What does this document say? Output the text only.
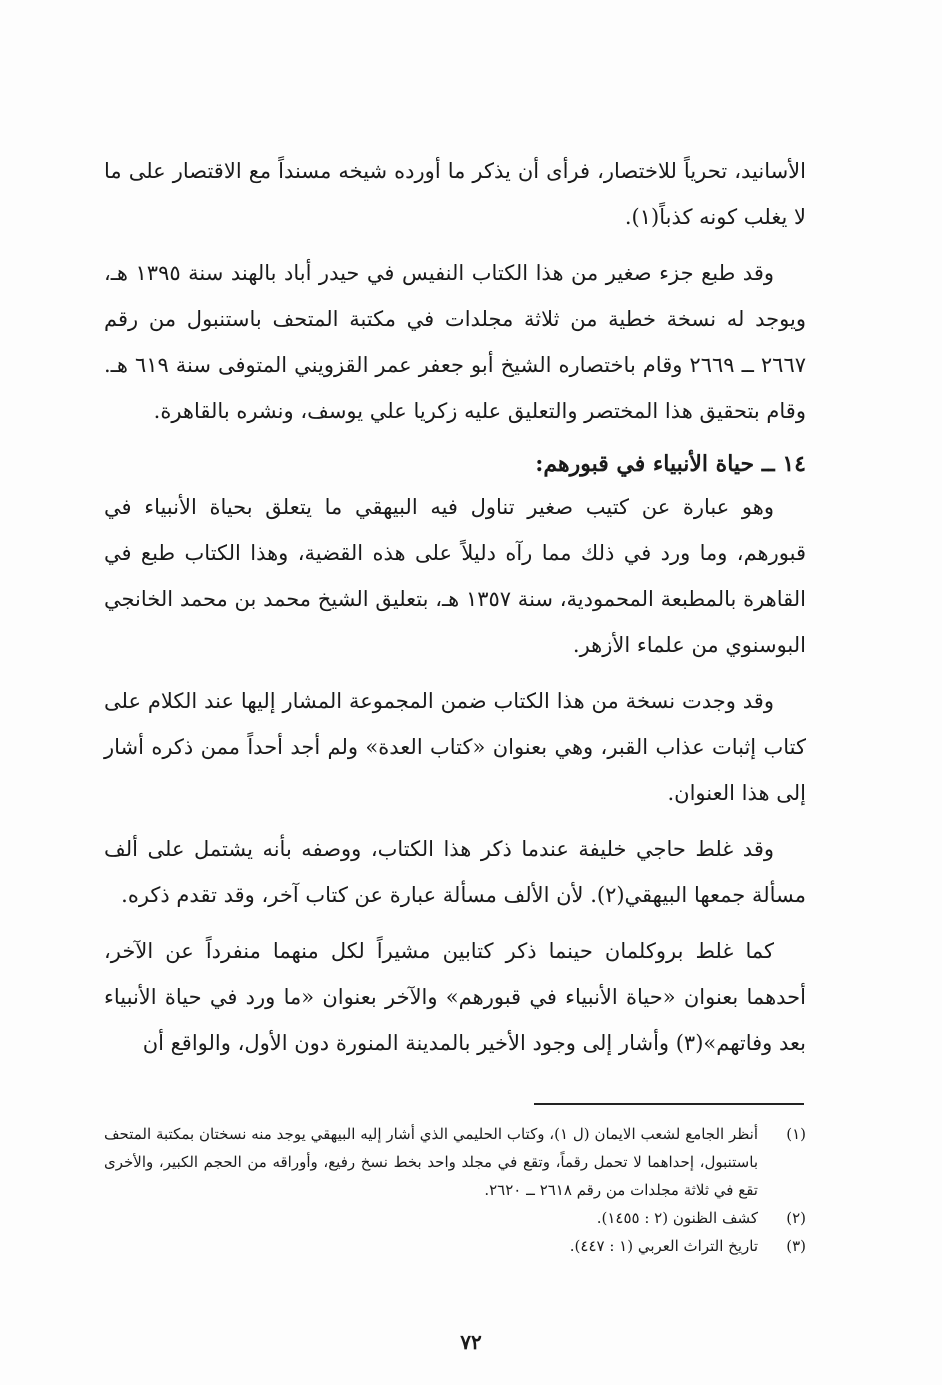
الأسانيد، تحرياً للاختصار، فرأى أن يذكر ما أورده شيخه مسنداً مع الاقتصار على ما لا يغلب كونه كذباً(١).

وقد طبع جزء صغير من هذا الكتاب النفيس في حيدر أباد بالهند سنة ١٣٩٥ هـ، ويوجد له نسخة خطية من ثلاثة مجلدات في مكتبة المتحف باستنبول من رقم ٢٦٦٧ ــ ٢٦٦٩ وقام باختصاره الشيخ أبو جعفر عمر القزويني المتوفى سنة ٦١٩ هـ. وقام بتحقيق هذا المختصر والتعليق عليه زكريا علي يوسف، ونشره بالقاهرة.

١٤ ــ حياة الأنبياء في قبورهم:

وهو عبارة عن كتيب صغير تناول فيه البيهقي ما يتعلق بحياة الأنبياء في قبورهم، وما ورد في ذلك مما رآه دليلاً على هذه القضية، وهذا الكتاب طبع في القاهرة بالمطبعة المحمودية، سنة ١٣٥٧ هـ، بتعليق الشيخ محمد بن محمد الخانجي البوسنوي من علماء الأزهر.

وقد وجدت نسخة من هذا الكتاب ضمن المجموعة المشار إليها عند الكلام على كتاب إثبات عذاب القبر، وهي بعنوان «كتاب العدة» ولم أجد أحداً ممن ذكره أشار إلى هذا العنوان.

وقد غلط حاجي خليفة عندما ذكر هذا الكتاب، ووصفه بأنه يشتمل على ألف مسألة جمعها البيهقي(٢). لأن الألف مسألة عبارة عن كتاب آخر، وقد تقدم ذكره.

كما غلط بروكلمان حينما ذكر كتابين مشيراً لكل منهما منفرداً عن الآخر، أحدهما بعنوان «حياة الأنبياء في قبورهم» والآخر بعنوان «ما ورد في حياة الأنبياء بعد وفاتهم»(٣) وأشار إلى وجود الأخير بالمدينة المنورة دون الأول، والواقع أن

(١)
أنظر الجامع لشعب الايمان (ل ١)، وكتاب الحليمي الذي أشار إليه البيهقي يوجد منه نسختان بمكتبة المتحف باستنبول، إحداهما لا تحمل رقماً، وتقع في مجلد واحد بخط نسخ رفيع، وأوراقه من الحجم الكبير، والأخرى تقع في ثلاثة مجلدات من رقم ٢٦١٨ ــ ٢٦٢٠.
(٢)
كشف الظنون (٢ : ١٤٥٥).
(٣)
تاريخ التراث العربي (١ : ٤٤٧).
٧٢
